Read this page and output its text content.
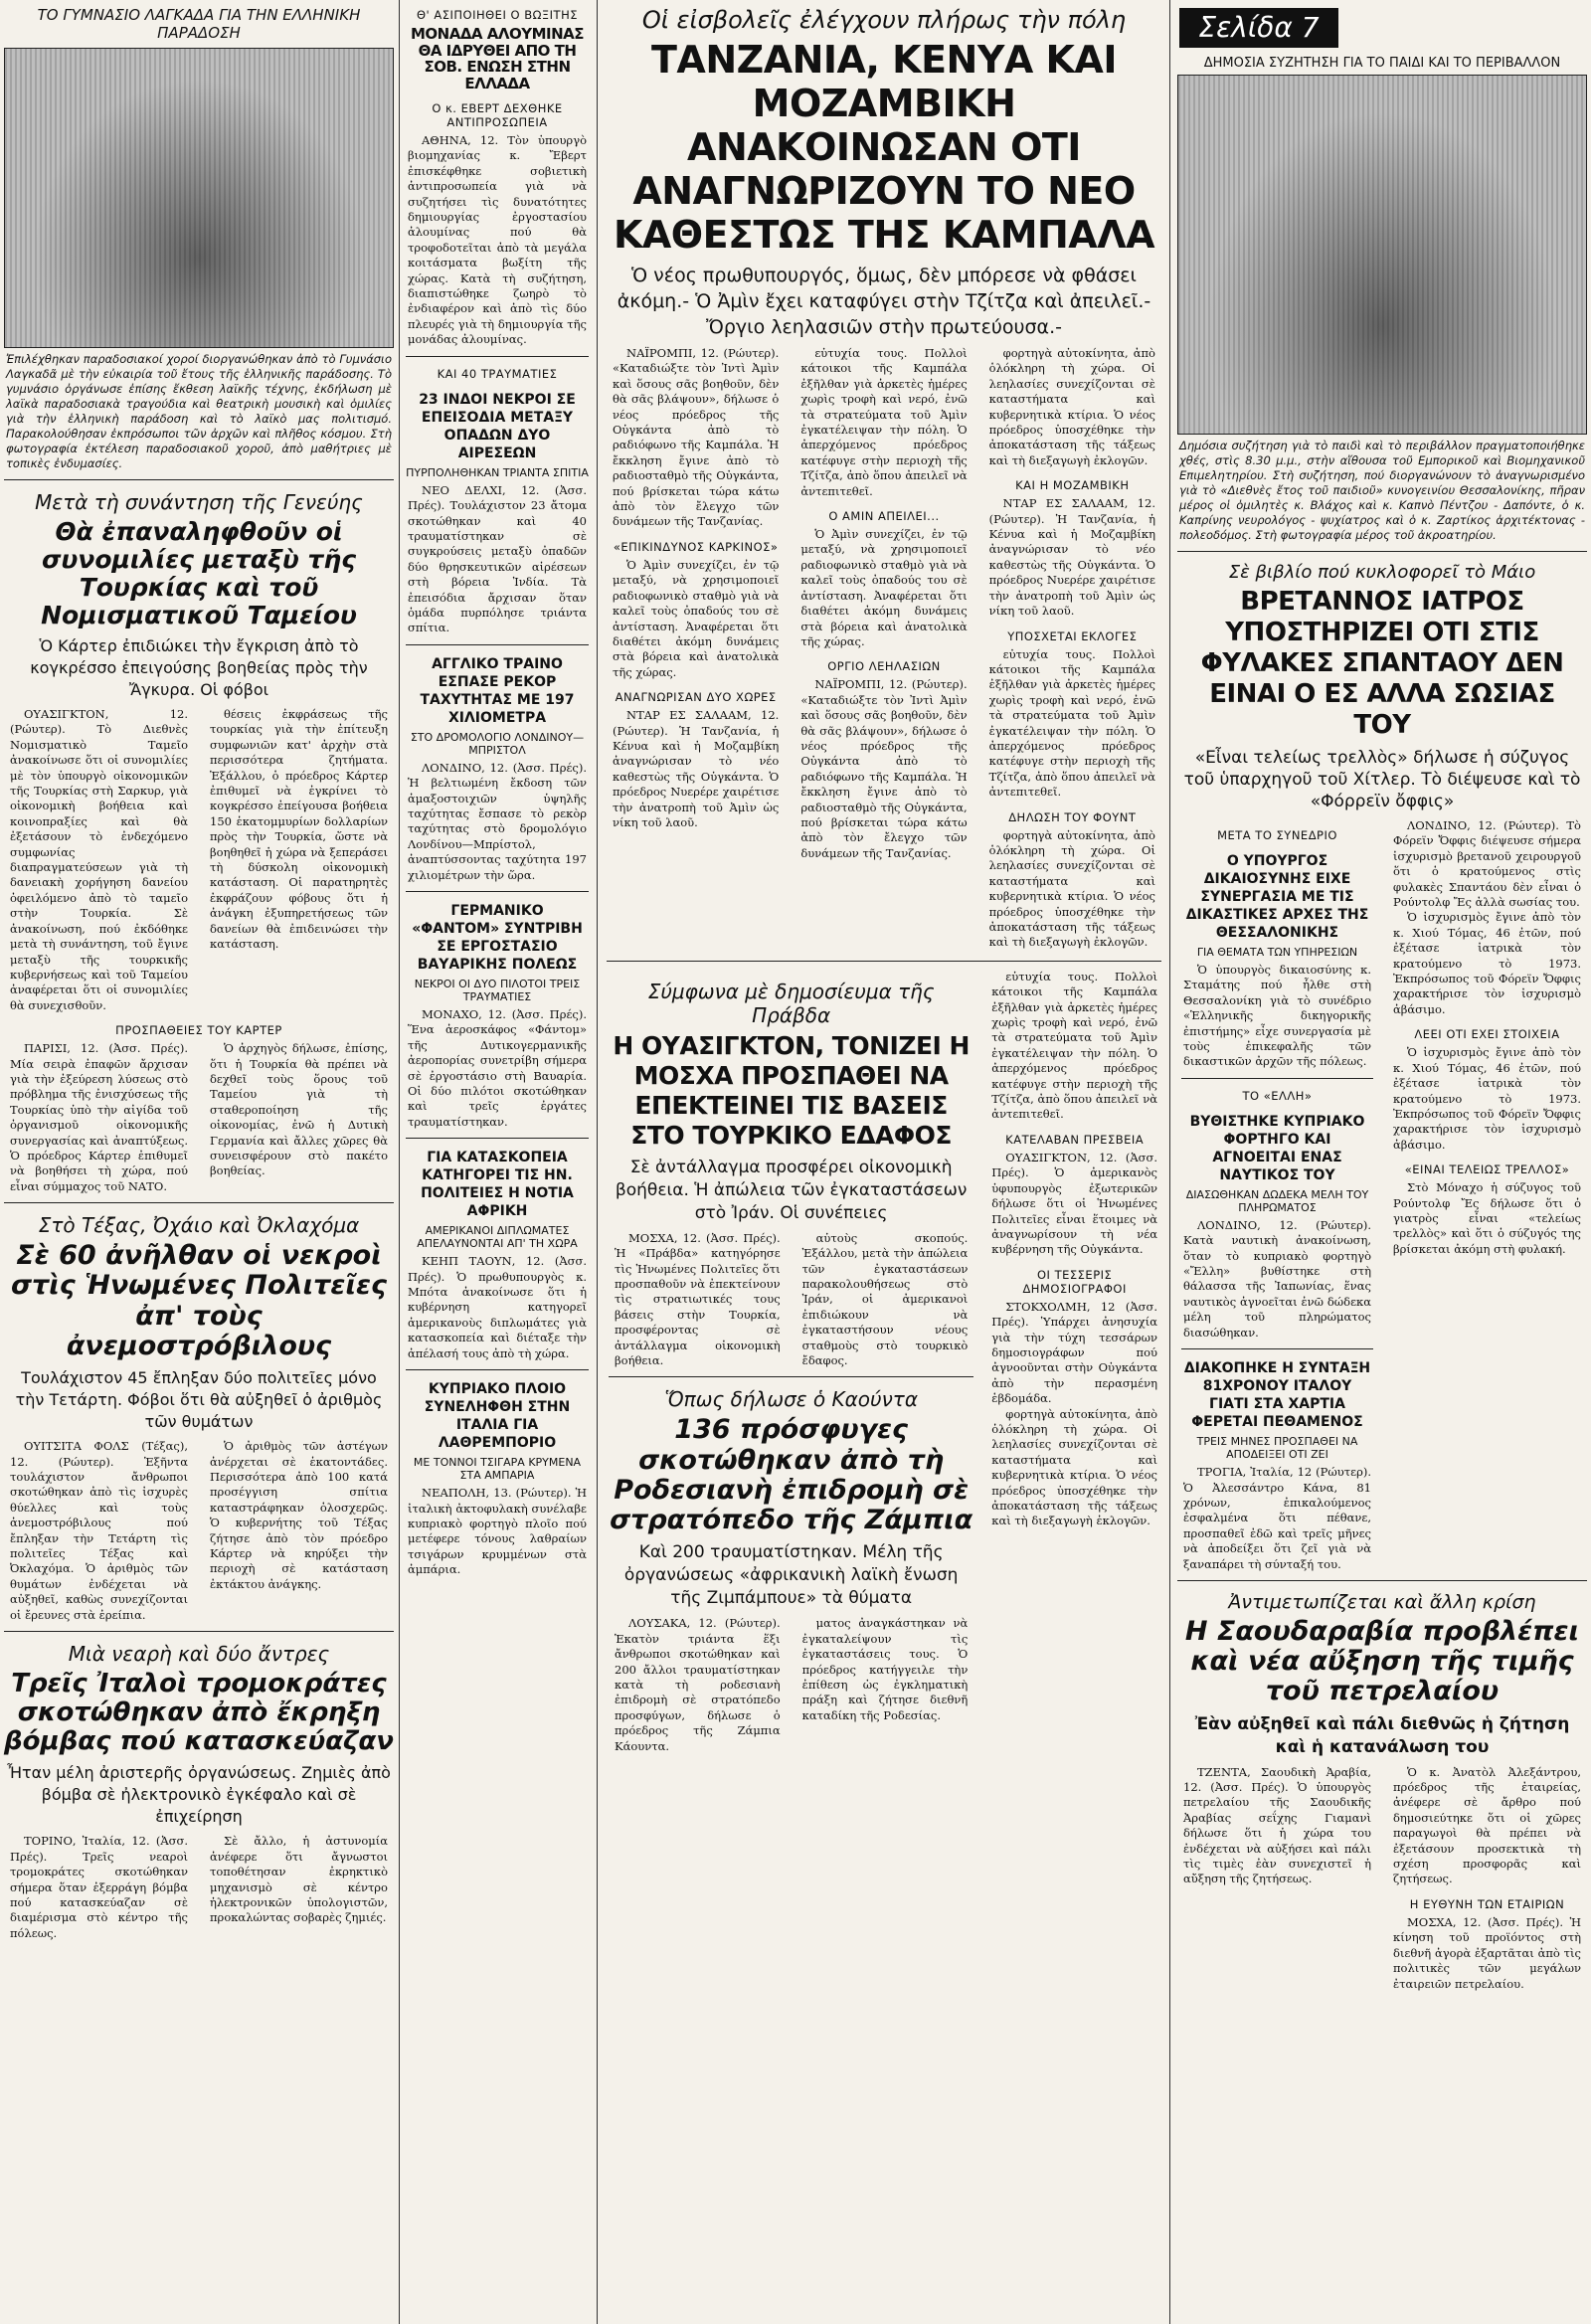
ΤΟ ΓΥΜΝΑΣΙΟ ΛΑΓΚΑΔΑ ΓΙΑ ΤΗΝ ΕΛΛΗΝΙΚΗ ΠΑΡΑΔΟΣΗ
Ἐπιλέχθηκαν παραδοσιακοί χοροί διοργανώθηκαν ἀπὸ τὸ Γυμνάσιο Λαγκαδᾶ μὲ τὴν εὐκαιρία τοῦ ἔτους τῆς ἑλληνικῆς παράδοσης. Τὸ γυμνάσιο ὀργάνωσε ἐπίσης ἔκθεση λαϊκῆς τέχνης, ἐκδήλωση μὲ λαϊκὰ παραδοσιακὰ τραγούδια καὶ θεατρικὴ μουσικὴ καὶ ὁμιλίες γιὰ τὴν ἑλληνικὴ παράδοση καὶ τὸ λαϊκὸ μας πολιτισμό. Παρακολούθησαν ἐκπρόσωποι τῶν ἀρχῶν καὶ πλῆθος κόσμου. Στὴ φωτογραφία ἐκτέλεση παραδοσιακοῦ χοροῦ, ἀπὸ μαθήτριες μὲ τοπικὲς ἐνδυμασίες.
Μετὰ τὴ συνάντηση τῆς Γενεύης
Θὰ ἐπαναληφθοῦν οἱ συνομιλίες μεταξὺ τῆς Τουρκίας καὶ τοῦ Νομισματικοῦ Ταμείου
Ὁ Κάρτερ ἐπιδιώκει τὴν ἔγκριση ἀπὸ τὸ κογκρέσσο ἐπειγούσης βοηθείας πρὸς τὴν Ἄγκυρα. Οἱ φόβοι

ΟΥΑΣΙΓΚΤΟΝ, 12. (Ρώυτερ). Τὸ Διεθνὲς Νομισματικὸ Ταμεῖο ἀνακοίνωσε ὅτι οἱ συνομιλίες μὲ τὸν ὑπουργὸ οἰκονομικῶν τῆς Τουρκίας στὴ Σαρκυρ, γιὰ οἰκονομικὴ βοήθεια καὶ κοινοπραξίες καὶ θὰ ἐξετάσουν τὸ ἐνδεχόμενο συμφωνίας διαπραγματεύσεων γιὰ τὴ δανειακὴ χορήγηση δανείου ὀφειλόμενο ἀπὸ τὸ ταμεῖο στὴν Τουρκία. Σὲ ἀνακοίνωση, πού ἐκδόθηκε μετὰ τὴ συνάντηση, τοῦ ἔγινε μεταξὺ τῆς τουρκικῆς κυβερνήσεως καὶ τοῦ Ταμείου ἀναφέρεται ὅτι οἱ συνομιλίες θὰ συνεχισθοῦν.

θέσεις ἐκφράσεως τῆς τουρκίας γιὰ τὴν ἐπίτευξη συμφωνιῶν κατ' ἀρχὴν στὰ περισσότερα ζητήματα. Ἐξάλλου, ὁ πρόεδρος Κάρτερ ἐπιθυμεῖ νὰ ἐγκρίνει τὸ κογκρέσσο ἐπείγουσα βοήθεια 150 ἑκατομμυρίων δολλαρίων πρὸς τὴν Τουρκία, ὥστε νὰ βοηθηθεῖ ἡ χώρα νὰ ξεπεράσει τὴ δύσκολη οἰκονομικὴ κατάσταση. Οἱ παρατηρητὲς ἐκφράζουν φόβους ὅτι ἡ ἀνάγκη ἐξυπηρετήσεως τῶν δανείων θὰ ἐπιδεινώσει τὴν κατάσταση.

ΠΡΟΣΠΑΘΕΙΕΣ ΤΟΥ ΚΑΡΤΕΡ

ΠΑΡΙΣΙ, 12. (Ἀσσ. Πρές). Μία σειρὰ ἐπαφῶν ἄρχισαν γιὰ τὴν ἐξεύρεση λύσεως στὸ πρόβλημα τῆς ἐνισχύσεως τῆς Τουρκίας ὑπὸ τὴν αἰγίδα τοῦ ὀργανισμοῦ οἰκονομικῆς συνεργασίας καὶ ἀναπτύξεως. Ὁ πρόεδρος Κάρτερ ἐπιθυμεῖ νὰ βοηθήσει τὴ χώρα, πού εἶναι σύμμαχος τοῦ ΝΑΤΟ.

Ὁ ἀρχηγὸς δήλωσε, ἐπίσης, ὅτι ἡ Τουρκία θὰ πρέπει νὰ δεχθεῖ τοὺς ὅρους τοῦ Ταμείου γιὰ τὴ σταθεροποίηση τῆς οἰκονομίας, ἐνῶ ἡ Δυτικὴ Γερμανία καὶ ἄλλες χῶρες θὰ συνεισφέρουν στὸ πακέτο βοηθείας.

Στὸ Τέξας, Ὀχάιο καὶ Ὀκλαχόμα
Σὲ 60 ἀνῆλθαν οἱ νεκροὶ στὶς Ἡνωμένες Πολιτεῖες ἀπ' τοὺς ἀνεμοστρόβιλους
Τουλάχιστον 45 ἔπληξαν δύο πολιτεῖες μόνο τὴν Τετάρτη. Φόβοι ὅτι θὰ αὐξηθεῖ ὁ ἀριθμὸς τῶν θυμάτων

ΟΥΙΤΣΙΤΑ ΦΟΛΣ (Τέξας), 12. (Ρώυτερ). Ἑξῆντα τουλάχιστον ἄνθρωποι σκοτώθηκαν ἀπὸ τὶς ἰσχυρὲς θύελλες καὶ τοὺς ἀνεμοστρόβιλους πού ἔπληξαν τὴν Τετάρτη τὶς πολιτεῖες Τέξας καὶ Ὀκλαχόμα. Ὁ ἀριθμὸς τῶν θυμάτων ἐνδέχεται νὰ αὐξηθεῖ, καθὼς συνεχίζονται οἱ ἔρευνες στὰ ἐρείπια.

Ὁ ἀριθμὸς τῶν ἀστέγων ἀνέρχεται σὲ ἑκατοντάδες. Περισσότερα ἀπὸ 100 κατά προσέγγιση σπίτια καταστράφηκαν ὁλοσχερῶς. Ὁ κυβερνήτης τοῦ Τέξας ζήτησε ἀπὸ τὸν πρόεδρο Κάρτερ νὰ κηρύξει τὴν περιοχὴ σὲ κατάσταση ἐκτάκτου ἀνάγκης.

Μιὰ νεαρὴ καὶ δύο ἄντρες
Τρεῖς Ἰταλοὶ τρομοκράτες σκοτώθηκαν ἀπὸ ἔκρηξη βόμβας πού κατασκεύαζαν
Ἦταν μέλη ἀριστερῆς ὀργανώσεως. Ζημιὲς ἀπὸ βόμβα σὲ ἠλεκτρονικὸ ἐγκέφαλο καὶ σὲ ἐπιχείρηση

ΤΟΡΙΝΟ, Ἰταλία, 12. (Ἀσσ. Πρές). Τρεῖς νεαροὶ τρομοκράτες σκοτώθηκαν σήμερα ὅταν ἐξερράγη βόμβα πού κατασκεύαζαν σὲ διαμέρισμα στὸ κέντρο τῆς πόλεως.

Σὲ ἄλλο, ἡ ἀστυνομία ἀνέφερε ὅτι ἄγνωστοι τοποθέτησαν ἐκρηκτικὸ μηχανισμὸ σὲ κέντρο ἠλεκτρονικῶν ὑπολογιστῶν, προκαλώντας σοβαρὲς ζημιές.

Θ' ΑΣΙΠΟΙΗΘΕΙ Ο ΒΩΞΙΤΗΣ
ΜΟΝΑΔΑ ΑΛΟΥΜΙΝΑΣ ΘΑ ΙΔΡΥΘΕΙ ΑΠΟ ΤΗ ΣΟΒ. ΕΝΩΣΗ ΣΤΗΝ ΕΛΛΑΔΑ
Ο κ. ΕΒΕΡΤ ΔΕΧΘΗΚΕ ΑΝΤΙΠΡΟΣΩΠΕΙΑ

ΑΘΗΝΑ, 12. Τὸν ὑπουργὸ βιομηχανίας κ. Ἔβερτ ἐπισκέφθηκε σοβιετικὴ ἀντιπροσωπεία γιὰ νὰ συζητήσει τὶς δυνατότητες δημιουργίας ἐργοστασίου ἀλουμίνας πού θὰ τροφοδοτεῖται ἀπὸ τὰ μεγάλα κοιτάσματα βωξίτη τῆς χώρας. Κατὰ τὴ συζήτηση, διαπιστώθηκε ζωηρὸ τὸ ἐνδιαφέρον καὶ ἀπὸ τὶς δύο πλευρές γιὰ τὴ δημιουργία τῆς μονάδας ἀλουμίνας.

ΚΑΙ 40 ΤΡΑΥΜΑΤΙΕΣ
23 ΙΝΔΟΙ ΝΕΚΡΟΙ ΣΕ ΕΠΕΙΣΟΔΙΑ ΜΕΤΑΞΥ ΟΠΑΔΩΝ ΔΥΟ ΑΙΡΕΣΕΩΝ
ΠΥΡΠΟΛΗΘΗΚΑΝ ΤΡΙΑΝΤΑ ΣΠΙΤΙΑ

ΝΕΟ ΔΕΛΧΙ, 12. (Ἀσσ. Πρές). Τουλάχιστον 23 ἄτομα σκοτώθηκαν καὶ 40 τραυματίστηκαν σὲ συγκρούσεις μεταξὺ ὀπαδῶν δύο θρησκευτικῶν αἱρέσεων στὴ βόρεια Ἰνδία. Τὰ ἐπεισόδια ἄρχισαν ὅταν ὁμάδα πυρπόλησε τριάντα σπίτια.

ΑΓΓΛΙΚΟ ΤΡΑΙΝΟ ΕΣΠΑΣΕ ΡΕΚΟΡ ΤΑΧΥΤΗΤΑΣ ΜΕ 197 ΧΙΛΙΟΜΕΤΡΑ
ΣΤΟ ΔΡΟΜΟΛΟΓΙΟ ΛΟΝΔΙΝΟΥ—ΜΠΡΙΣΤΟΛ

ΛΟΝΔΙΝΟ, 12. (Ἀσσ. Πρές). Ἡ βελτιωμένη ἔκδοση τῶν ἀμαξοστοιχιῶν ὑψηλῆς ταχύτητας ἔσπασε τὸ ρεκὸρ ταχύτητας στὸ δρομολόγιο Λονδίνου—Μπρίστολ, ἀναπτύσσοντας ταχύτητα 197 χιλιομέτρων τὴν ὥρα.

ΓΕΡΜΑΝΙΚΟ «ΦΑΝΤΟΜ» ΣΥΝΤΡΙΒΗ ΣΕ ΕΡΓΟΣΤΑΣΙΟ ΒΑΥΑΡΙΚΗΣ ΠΟΛΕΩΣ
ΝΕΚΡΟΙ ΟΙ ΔΥΟ ΠΙΛΟΤΟΙ ΤΡΕΙΣ ΤΡΑΥΜΑΤΙΕΣ

ΜΟΝΑΧΟ, 12. (Ἀσσ. Πρές). Ἕνα ἀεροσκάφος «Φάντομ» τῆς Δυτικογερμανικῆς ἀεροπορίας συνετρίβη σήμερα σὲ ἐργοστάσιο στὴ Βαυαρία. Οἱ δύο πιλότοι σκοτώθηκαν καὶ τρεῖς ἐργάτες τραυματίστηκαν.

ΓΙΑ ΚΑΤΑΣΚΟΠΕΙΑ ΚΑΤΗΓΟΡΕΙ ΤΙΣ ΗΝ. ΠΟΛΙΤΕΙΕΣ Η ΝΟΤΙΑ ΑΦΡΙΚΗ
ΑΜΕΡΙΚΑΝΟΙ ΔΙΠΛΩΜΑΤΕΣ ΑΠΕΛΑΥΝΟΝΤΑΙ ΑΠ' ΤΗ ΧΩΡΑ

ΚΕΗΠ ΤΑΟΥΝ, 12. (Ἀσσ. Πρές). Ὁ πρωθυπουργὸς κ. Μπότα ἀνακοίνωσε ὅτι ἡ κυβέρνηση κατηγορεῖ ἀμερικανοὺς διπλωμάτες γιὰ κατασκοπεία καὶ διέταξε τὴν ἀπέλασή τους ἀπὸ τὴ χώρα.

ΚΥΠΡΙΑΚΟ ΠΛΟΙΟ ΣΥΝΕΛΗΦΘΗ ΣΤΗΝ ΙΤΑΛΙΑ ΓΙΑ ΛΑΘΡΕΜΠΟΡΙΟ
ΜΕ ΤΟΝΝΟΙ ΤΣΙΓΑΡΑ ΚΡΥΜΕΝΑ ΣΤΑ ΑΜΠΑΡΙΑ

ΝΕΑΠΟΛΗ, 13. (Ρώυτερ). Ἡ ἰταλικὴ ἀκτοφυλακὴ συνέλαβε κυπριακὸ φορτηγὸ πλοῖο πού μετέφερε τόνους λαθραίων τσιγάρων κρυμμένων στὰ ἀμπάρια.

Οἱ εἰσβολεῖς ἐλέγχουν πλήρως τὴν πόλη
ΤΑΝΖΑΝΙΑ, ΚΕΝΥΑ ΚΑΙ ΜΟΖΑΜΒΙΚΗ ΑΝΑΚΟΙΝΩΣΑΝ ΟΤΙ ΑΝΑΓΝΩΡΙΖΟΥΝ ΤΟ ΝΕΟ ΚΑΘΕΣΤΩΣ ΤΗΣ ΚΑΜΠΑΛΑ
Ὁ νέος πρωθυπουργός, ὅμως, δὲν μπόρεσε νὰ φθάσει ἀκόμη.- Ὁ Ἀμὶν ἔχει καταφύγει στὴν Τζίτζα καὶ ἀπειλεῖ.- Ὄργιο λεηλασιῶν στὴν πρωτεύουσα.-

ΝΑΪΡΟΜΠΙ, 12. (Ρώυτερ). «Καταδιώξτε τὸν Ἰντὶ Ἀμὶν καὶ ὅσους σᾶς βοηθοῦν, δὲν θὰ σᾶς βλάψουν», δήλωσε ὁ νέος πρόεδρος τῆς Οὐγκάντα ἀπὸ τὸ ραδιόφωνο τῆς Καμπάλα. Ἡ ἔκκληση ἔγινε ἀπὸ τὸ ραδιοσταθμὸ τῆς Οὐγκάντα, πού βρίσκεται τώρα κάτω ἀπὸ τὸν ἔλεγχο τῶν δυνάμεων τῆς Τανζανίας.

«ΕΠΙΚΙΝΔΥΝΟΣ ΚΑΡΚΙΝΟΣ»

Ὁ Ἀμὶν συνεχίζει, ἐν τῷ μεταξύ, νὰ χρησιμοποιεῖ ραδιοφωνικὸ σταθμὸ γιὰ νὰ καλεῖ τοὺς ὀπαδούς του σὲ ἀντίσταση. Ἀναφέρεται ὅτι διαθέτει ἀκόμη δυνάμεις στὰ βόρεια καὶ ἀνατολικὰ τῆς χώρας.

ΑΝΑΓΝΩΡΙΣΑΝ ΔΥΟ ΧΩΡΕΣ

ΝΤΑΡ ΕΣ ΣΑΛΑΑΜ, 12. (Ρώυτερ). Ἡ Τανζανία, ἡ Κένυα καὶ ἡ Μοζαμβίκη ἀναγνώρισαν τὸ νέο καθεστὼς τῆς Οὐγκάντα. Ὁ πρόεδρος Νυερέρε χαιρέτισε τὴν ἀνατροπὴ τοῦ Ἀμὶν ὡς νίκη τοῦ λαοῦ.

εὐτυχία τους. Πολλοὶ κάτοικοι τῆς Καμπάλα ἐξῆλθαν γιὰ ἀρκετὲς ἡμέρες χωρὶς τροφὴ καὶ νερό, ἐνῶ τὰ στρατεύματα τοῦ Ἀμὶν ἐγκατέλειψαν τὴν πόλη. Ὁ ἀπερχόμενος πρόεδρος κατέφυγε στὴν περιοχὴ τῆς Τζίτζα, ἀπὸ ὅπου ἀπειλεῖ νὰ ἀντεπιτεθεῖ.

Ο ΑΜΙΝ ΑΠΕΙΛΕΙ...

Ὁ Ἀμὶν συνεχίζει, ἐν τῷ μεταξύ, νὰ χρησιμοποιεῖ ραδιοφωνικὸ σταθμὸ γιὰ νὰ καλεῖ τοὺς ὀπαδούς του σὲ ἀντίσταση. Ἀναφέρεται ὅτι διαθέτει ἀκόμη δυνάμεις στὰ βόρεια καὶ ἀνατολικὰ τῆς χώρας.

ΟΡΓΙΟ ΛΕΗΛΑΣΙΩΝ

ΝΑΪΡΟΜΠΙ, 12. (Ρώυτερ). «Καταδιώξτε τὸν Ἰντὶ Ἀμὶν καὶ ὅσους σᾶς βοηθοῦν, δὲν θὰ σᾶς βλάψουν», δήλωσε ὁ νέος πρόεδρος τῆς Οὐγκάντα ἀπὸ τὸ ραδιόφωνο τῆς Καμπάλα. Ἡ ἔκκληση ἔγινε ἀπὸ τὸ ραδιοσταθμὸ τῆς Οὐγκάντα, πού βρίσκεται τώρα κάτω ἀπὸ τὸν ἔλεγχο τῶν δυνάμεων τῆς Τανζανίας.

φορτηγὰ αὐτοκίνητα, ἀπὸ ὁλόκληρη τὴ χώρα. Οἱ λεηλασίες συνεχίζονται σὲ καταστήματα καὶ κυβερνητικὰ κτίρια. Ὁ νέος πρόεδρος ὑποσχέθηκε τὴν ἀποκατάσταση τῆς τάξεως καὶ τὴ διεξαγωγὴ ἐκλογῶν.

ΚΑΙ Η ΜΟΖΑΜΒΙΚΗ

ΝΤΑΡ ΕΣ ΣΑΛΑΑΜ, 12. (Ρώυτερ). Ἡ Τανζανία, ἡ Κένυα καὶ ἡ Μοζαμβίκη ἀναγνώρισαν τὸ νέο καθεστὼς τῆς Οὐγκάντα. Ὁ πρόεδρος Νυερέρε χαιρέτισε τὴν ἀνατροπὴ τοῦ Ἀμὶν ὡς νίκη τοῦ λαοῦ.

ΥΠΟΣΧΕΤΑΙ ΕΚΛΟΓΕΣ

εὐτυχία τους. Πολλοὶ κάτοικοι τῆς Καμπάλα ἐξῆλθαν γιὰ ἀρκετὲς ἡμέρες χωρὶς τροφὴ καὶ νερό, ἐνῶ τὰ στρατεύματα τοῦ Ἀμὶν ἐγκατέλειψαν τὴν πόλη. Ὁ ἀπερχόμενος πρόεδρος κατέφυγε στὴν περιοχὴ τῆς Τζίτζα, ἀπὸ ὅπου ἀπειλεῖ νὰ ἀντεπιτεθεῖ.

ΔΗΛΩΣΗ ΤΟΥ ΦΟΥΝΤ

φορτηγὰ αὐτοκίνητα, ἀπὸ ὁλόκληρη τὴ χώρα. Οἱ λεηλασίες συνεχίζονται σὲ καταστήματα καὶ κυβερνητικὰ κτίρια. Ὁ νέος πρόεδρος ὑποσχέθηκε τὴν ἀποκατάσταση τῆς τάξεως καὶ τὴ διεξαγωγὴ ἐκλογῶν.

Σύμφωνα μὲ δημοσίευμα τῆς Πράβδα
Η ΟΥΑΣΙΓΚΤΟΝ, ΤΟΝΙΖΕΙ Η ΜΟΣΧΑ ΠΡΟΣΠΑΘΕΙ ΝΑ ΕΠΕΚΤΕΙΝΕΙ ΤΙΣ ΒΑΣΕΙΣ ΣΤΟ ΤΟΥΡΚΙΚΟ ΕΔΑΦΟΣ
Σὲ ἀντάλλαγμα προσφέρει οἰκονομικὴ βοήθεια. Ἡ ἀπώλεια τῶν ἐγκαταστάσεων στὸ Ἰράν. Οἱ συνέπειες

ΜΟΣΧΑ, 12. (Ἀσσ. Πρές). Ἡ «Πράβδα» κατηγόρησε τὶς Ἡνωμένες Πολιτεῖες ὅτι προσπαθοῦν νὰ ἐπεκτείνουν τὶς στρατιωτικές τους βάσεις στὴν Τουρκία, προσφέροντας σὲ ἀντάλλαγμα οἰκονομικὴ βοήθεια.

αὐτοὺς σκοπούς. Ἐξάλλου, μετὰ τὴν ἀπώλεια τῶν ἐγκαταστάσεων παρακολουθήσεως στὸ Ἰράν, οἱ ἀμερικανοὶ ἐπιδιώκουν νὰ ἐγκαταστήσουν νέους σταθμοὺς στὸ τουρκικὸ ἔδαφος.

Ὅπως δήλωσε ὁ Καούντα
136 πρόσφυγες σκοτώθηκαν ἀπὸ τὴ Ροδεσιανὴ ἐπιδρομὴ σὲ στρατόπεδο τῆς Ζάμπια
Καὶ 200 τραυματίστηκαν. Μέλη τῆς ὀργανώσεως «ἀφρικανικὴ λαϊκὴ ἔνωση τῆς Ζιμπάμπουε» τὰ θύματα

ΛΟΥΣΑΚΑ, 12. (Ρώυτερ). Ἑκατὸν τριάντα ἕξι ἄνθρωποι σκοτώθηκαν καὶ 200 ἄλλοι τραυματίστηκαν κατὰ τὴ ροδεσιανὴ ἐπιδρομὴ σὲ στρατόπεδο προσφύγων, δήλωσε ὁ πρόεδρος τῆς Ζάμπια Κάουντα.

ματος ἀναγκάστηκαν νὰ ἐγκαταλείψουν τὶς ἐγκαταστάσεις τους. Ὁ πρόεδρος κατήγγειλε τὴν ἐπίθεση ὡς ἐγκληματικὴ πράξη καὶ ζήτησε διεθνῆ καταδίκη τῆς Ροδεσίας.

εὐτυχία τους. Πολλοὶ κάτοικοι τῆς Καμπάλα ἐξῆλθαν γιὰ ἀρκετὲς ἡμέρες χωρὶς τροφὴ καὶ νερό, ἐνῶ τὰ στρατεύματα τοῦ Ἀμὶν ἐγκατέλειψαν τὴν πόλη. Ὁ ἀπερχόμενος πρόεδρος κατέφυγε στὴν περιοχὴ τῆς Τζίτζα, ἀπὸ ὅπου ἀπειλεῖ νὰ ἀντεπιτεθεῖ.

ΚΑΤΕΛΑΒΑΝ ΠΡΕΣΒΕΙΑ

ΟΥΑΣΙΓΚΤΟΝ, 12. (Ἀσσ. Πρές). Ὁ ἀμερικανὸς ὑφυπουργὸς ἐξωτερικῶν δήλωσε ὅτι οἱ Ἡνωμένες Πολιτεῖες εἶναι ἕτοιμες νὰ ἀναγνωρίσουν τὴ νέα κυβέρνηση τῆς Οὐγκάντα.

ΟΙ ΤΕΣΣΕΡΙΣ ΔΗΜΟΣΙΟΓΡΑΦΟΙ

ΣΤΟΚΧΟΛΜΗ, 12 (Ἀσσ. Πρές). Ὑπάρχει ἀνησυχία γιὰ τὴν τύχη τεσσάρων δημοσιογράφων πού ἀγνοοῦνται στὴν Οὐγκάντα ἀπὸ τὴν περασμένη ἑβδομάδα.

φορτηγὰ αὐτοκίνητα, ἀπὸ ὁλόκληρη τὴ χώρα. Οἱ λεηλασίες συνεχίζονται σὲ καταστήματα καὶ κυβερνητικὰ κτίρια. Ὁ νέος πρόεδρος ὑποσχέθηκε τὴν ἀποκατάσταση τῆς τάξεως καὶ τὴ διεξαγωγὴ ἐκλογῶν.

Σελίδα 7
ΔΗΜΟΣΙΑ ΣΥΖΗΤΗΣΗ ΓΙΑ ΤΟ ΠΑΙΔΙ ΚΑΙ ΤΟ ΠΕΡΙΒΑΛΛΟΝ
Δημόσια συζήτηση γιὰ τὸ παιδὶ καὶ τὸ περιβάλλον πραγματοποιήθηκε χθές, στὶς 8.30 μ.μ., στὴν αἴθουσα τοῦ Εμπορικοῦ καὶ Βιομηχανικοῦ Επιμελητηρίου. Στὴ συζήτηση, πού διοργανώνουν τὸ ἀναγνωρισμένο γιὰ τὸ «Διεθνὲς ἔτος τοῦ παιδιοῦ» κυνογεινίου Θεσσαλονίκης, πῆραν μέρος οἱ ὁμιλητὲς κ. Βλάχος καὶ κ. Καπνὸ Πέντζου - Δαπόντε, ὁ κ. Καπρίνης νευρολόγος - ψυχίατρος καὶ ὁ κ. Ζαρτίκος ἀρχιτέκτονας - πολεοδόμος. Στὴ φωτογραφία μέρος τοῦ ἀκροατηρίου.
Σὲ βιβλίο πού κυκλοφορεῖ τὸ Μάιο
ΒΡΕΤΑΝΝΟΣ ΙΑΤΡΟΣ ΥΠΟΣΤΗΡΙΖΕΙ ΟΤΙ ΣΤΙΣ ΦΥΛΑΚΕΣ ΣΠΑΝΤΑΟΥ ΔΕΝ ΕΙΝΑΙ Ο ΕΣ ΑΛΛΑ ΣΩΣΙΑΣ ΤΟΥ
«Εἶναι τελείως τρελλὸς» δήλωσε ἡ σύζυγος τοῦ ὑπαρχηγοῦ τοῦ Χίτλερ. Τὸ διέψευσε καὶ τὸ «Φόρρεϊν ὄφφις»
ΜΕΤΑ ΤΟ ΣΥΝΕΔΡΙΟ
Ο ΥΠΟΥΡΓΟΣ ΔΙΚΑΙΟΣΥΝΗΣ ΕΙΧΕ ΣΥΝΕΡΓΑΣΙΑ ΜΕ ΤΙΣ ΔΙΚΑΣΤΙΚΕΣ ΑΡΧΕΣ ΤΗΣ ΘΕΣΣΑΛΟΝΙΚΗΣ
ΓΙΑ ΘΕΜΑΤΑ ΤΩΝ ΥΠΗΡΕΣΙΩΝ

Ὁ ὑπουργὸς δικαιοσύνης κ. Σταμάτης πού ἦλθε στὴ Θεσσαλονίκη γιὰ τὸ συνέδριο «Ἑλληνικῆς δικηγορικῆς ἐπιστήμης» εἶχε συνεργασία μὲ τοὺς ἐπικεφαλῆς τῶν δικαστικῶν ἀρχῶν τῆς πόλεως.

ΤΟ «ΕΛΛΗ»
ΒΥΘΙΣΤΗΚΕ ΚΥΠΡΙΑΚΟ ΦΟΡΤΗΓΟ ΚΑΙ ΑΓΝΟΕΙΤΑΙ ΕΝΑΣ ΝΑΥΤΙΚΟΣ ΤΟΥ
ΔΙΑΣΩΘΗΚΑΝ ΔΩΔΕΚΑ ΜΕΛΗ ΤΟΥ ΠΛΗΡΩΜΑΤΟΣ

ΛΟΝΔΙΝΟ, 12. (Ρώυτερ). Κατὰ ναυτικὴ ἀνακοίνωση, ὅταν τὸ κυπριακὸ φορτηγὸ «Ἔλλη» βυθίστηκε στὴ θάλασσα τῆς Ἰαπωνίας, ἕνας ναυτικὸς ἀγνοεῖται ἐνῶ δώδεκα μέλη τοῦ πληρώματος διασώθηκαν.

ΔΙΑΚΟΠΗΚΕ Η ΣΥΝΤΑΞΗ 81ΧΡΟΝΟΥ ΙΤΑΛΟΥ ΓΙΑΤΙ ΣΤΑ ΧΑΡΤΙΑ ΦΕΡΕΤΑΙ ΠΕΘΑΜΕΝΟΣ
ΤΡΕΙΣ ΜΗΝΕΣ ΠΡΟΣΠΑΘΕΙ ΝΑ ΑΠΟΔΕΙΞΕΙ ΟΤΙ ΖΕΙ

ΤΡΟΓΙΑ, Ἰταλία, 12 (Ρώυτερ). Ὁ Ἀλεσσάντρο Κάνα, 81 χρόνων, ἐπικαλούμενος ἐσφαλμένα ὅτι πέθανε, προσπαθεῖ ἐδῶ καὶ τρεῖς μῆνες νὰ ἀποδείξει ὅτι ζεῖ γιὰ νὰ ξαναπάρει τὴ σύνταξή του.

ΛΟΝΔΙΝΟ, 12. (Ρώυτερ). Τὸ Φόρεϊν Ὄφφις διέψευσε σήμερα ἰσχυρισμὸ βρετανοῦ χειρουργοῦ ὅτι ὁ κρατούμενος στὶς φυλακὲς Σπαντάου δὲν εἶναι ὁ Ρούντολφ Ἔς ἀλλὰ σωσίας του.

Ὁ ἰσχυρισμὸς ἔγινε ἀπὸ τὸν κ. Χιού Τόμας, 46 ἐτῶν, πού ἐξέτασε ἰατρικὰ τὸν κρατούμενο τὸ 1973. Ἐκπρόσωπος τοῦ Φόρεϊν Ὄφφις χαρακτήρισε τὸν ἰσχυρισμὸ ἀβάσιμο.

ΛΕΕΙ ΟΤΙ ΕΧΕΙ ΣΤΟΙΧΕΙΑ

Ὁ ἰσχυρισμὸς ἔγινε ἀπὸ τὸν κ. Χιού Τόμας, 46 ἐτῶν, πού ἐξέτασε ἰατρικὰ τὸν κρατούμενο τὸ 1973. Ἐκπρόσωπος τοῦ Φόρεϊν Ὄφφις χαρακτήρισε τὸν ἰσχυρισμὸ ἀβάσιμο.

«ΕΙΝΑΙ ΤΕΛΕΙΩΣ ΤΡΕΛΛΟΣ»

Στὸ Μόναχο ἡ σύζυγος τοῦ Ρούντολφ Ἔς δήλωσε ὅτι ὁ γιατρὸς εἶναι «τελείως τρελλὸς» καὶ ὅτι ὁ σύζυγός της βρίσκεται ἀκόμη στὴ φυλακή.

Ἀντιμετωπίζεται καὶ ἄλλη κρίση
Η Σαουδαραβία προβλέπει καὶ νέα αὔξηση τῆς τιμῆς τοῦ πετρελαίου
Ἐὰν αὐξηθεῖ καὶ πάλι διεθνῶς ἡ ζήτηση καὶ ἡ κατανάλωση του

ΤΖΕΝΤΑ, Σαουδικὴ Ἀραβία, 12. (Ἀσσ. Πρές). Ὁ ὑπουργὸς πετρελαίου τῆς Σαουδικῆς Ἀραβίας σεΐχης Γιαμανὶ δήλωσε ὅτι ἡ χώρα του ἐνδέχεται νὰ αὐξήσει καὶ πάλι τὶς τιμὲς ἐὰν συνεχιστεῖ ἡ αὔξηση τῆς ζητήσεως.

Ὁ κ. Ἀνατὸλ Ἀλεξάντρου, πρόεδρος τῆς ἐταιρείας, ἀνέφερε σὲ ἄρθρο πού δημοσιεύτηκε ὅτι οἱ χῶρες παραγωγοὶ θὰ πρέπει νὰ ἐξετάσουν προσεκτικὰ τὴ σχέση προσφορᾶς καὶ ζητήσεως.

Η ΕΥΘΥΝΗ ΤΩΝ ΕΤΑΙΡΙΩΝ

ΜΟΣΧΑ, 12. (Ἀσσ. Πρές). Ἡ κίνηση τοῦ προϊόντος στὴ διεθνῆ ἀγορὰ ἐξαρτᾶται ἀπὸ τὶς πολιτικὲς τῶν μεγάλων ἐταιρειῶν πετρελαίου.
